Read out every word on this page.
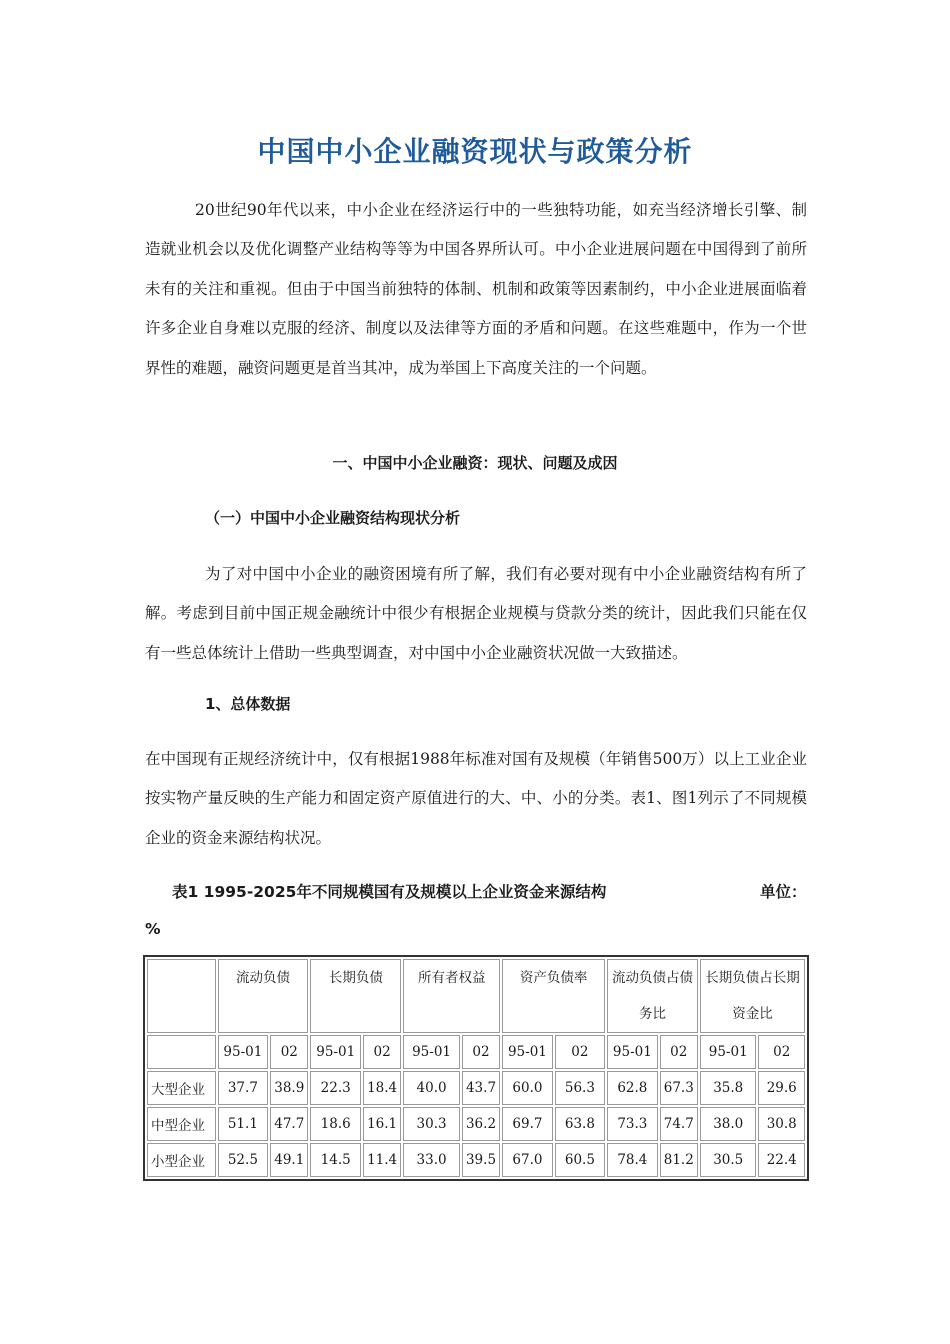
中国中小企业融资现状与政策分析
20世纪90年代以来，中小企业在经济运行中的一些独特功能，如充当经济增长引擎、制造就业机会以及优化调整产业结构等等为中国各界所认可。中小企业进展问题在中国得到了前所未有的关注和重视。但由于中国当前独特的体制、机制和政策等因素制约，中小企业进展面临着许多企业自身难以克服的经济、制度以及法律等方面的矛盾和问题。在这些难题中，作为一个世界性的难题，融资问题更是首当其冲，成为举国上下高度关注的一个问题。
一、中国中小企业融资：现状、问题及成因
（一）中国中小企业融资结构现状分析
为了对中国中小企业的融资困境有所了解，我们有必要对现有中小企业融资结构有所了解。考虑到目前中国正规金融统计中很少有根据企业规模与贷款分类的统计，因此我们只能在仅有一些总体统计上借助一些典型调查，对中国中小企业融资状况做一大致描述。
1、总体数据
在中国现有正规经济统计中，仅有根据1988年标准对国有及规模（年销售500万）以上工业企业按实物产量反映的生产能力和固定资产原值进行的大、中、小的分类。表1、图1列示了不同规模企业的资金来源结构状况。
表1 1995-2025年不同规模国有及规模以上企业资金来源结构	单位：
%
	流动负债		长期负债		所有者权益		资产负债率		流动负债占债务比		长期负债占长期资金比	
	95-01	02	95-01	02	95-01	02	95-01	02	95-01	02	95-01	02
大型企业	37.7	38.9	22.3	18.4	40.0	43.7	60.0	56.3	62.8	67.3	35.8	29.6
中型企业	51.1	47.7	18.6	16.1	30.3	36.2	69.7	63.8	73.3	74.7	38.0	30.8
小型企业	52.5	49.1	14.5	11.4	33.0	39.5	67.0	60.5	78.4	81.2	30.5	22.4
